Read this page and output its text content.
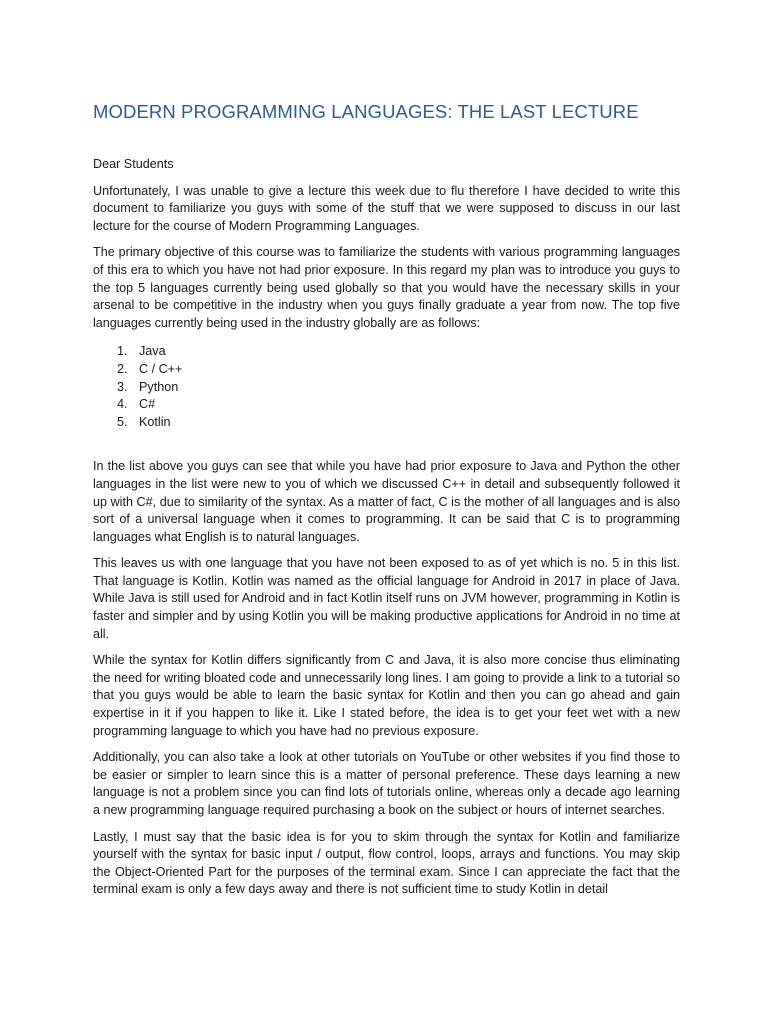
MODERN PROGRAMMING LANGUAGES: THE LAST LECTURE

Dear Students

Unfortunately, I was unable to give a lecture this week due to flu therefore I have decided to write this document to familiarize you guys with some of the stuff that we were supposed to discuss in our last lecture for the course of Modern Programming Languages.

The primary objective of this course was to familiarize the students with various programming languages of this era to which you have not had prior exposure. In this regard my plan was to introduce you guys to the top 5 languages currently being used globally so that you would have the necessary skills in your arsenal to be competitive in the industry when you guys finally graduate a year from now. The top five languages currently being used in the industry globally are as follows:

1. Java
2. C / C++
3. Python
4. C#
5. Kotlin

In the list above you guys can see that while you have had prior exposure to Java and Python the other languages in the list were new to you of which we discussed C++ in detail and subsequently followed it up with C#, due to similarity of the syntax. As a matter of fact, C is the mother of all languages and is also sort of a universal language when it comes to programming. It can be said that C is to programming languages what English is to natural languages.

This leaves us with one language that you have not been exposed to as of yet which is no. 5 in this list. That language is Kotlin. Kotlin was named as the official language for Android in 2017 in place of Java. While Java is still used for Android and in fact Kotlin itself runs on JVM however, programming in Kotlin is faster and simpler and by using Kotlin you will be making productive applications for Android in no time at all.

While the syntax for Kotlin differs significantly from C and Java, it is also more concise thus eliminating the need for writing bloated code and unnecessarily long lines. I am going to provide a link to a tutorial so that you guys would be able to learn the basic syntax for Kotlin and then you can go ahead and gain expertise in it if you happen to like it. Like I stated before, the idea is to get your feet wet with a new programming language to which you have had no previous exposure.

Additionally, you can also take a look at other tutorials on YouTube or other websites if you find those to be easier or simpler to learn since this is a matter of personal preference. These days learning a new language is not a problem since you can find lots of tutorials online, whereas only a decade ago learning a new programming language required purchasing a book on the subject or hours of internet searches.

Lastly, I must say that the basic idea is for you to skim through the syntax for Kotlin and familiarize yourself with the syntax for basic input / output, flow control, loops, arrays and functions. You may skip the Object-Oriented Part for the purposes of the terminal exam. Since I can appreciate the fact that the terminal exam is only a few days away and there is not sufficient time to study Kotlin in detail
